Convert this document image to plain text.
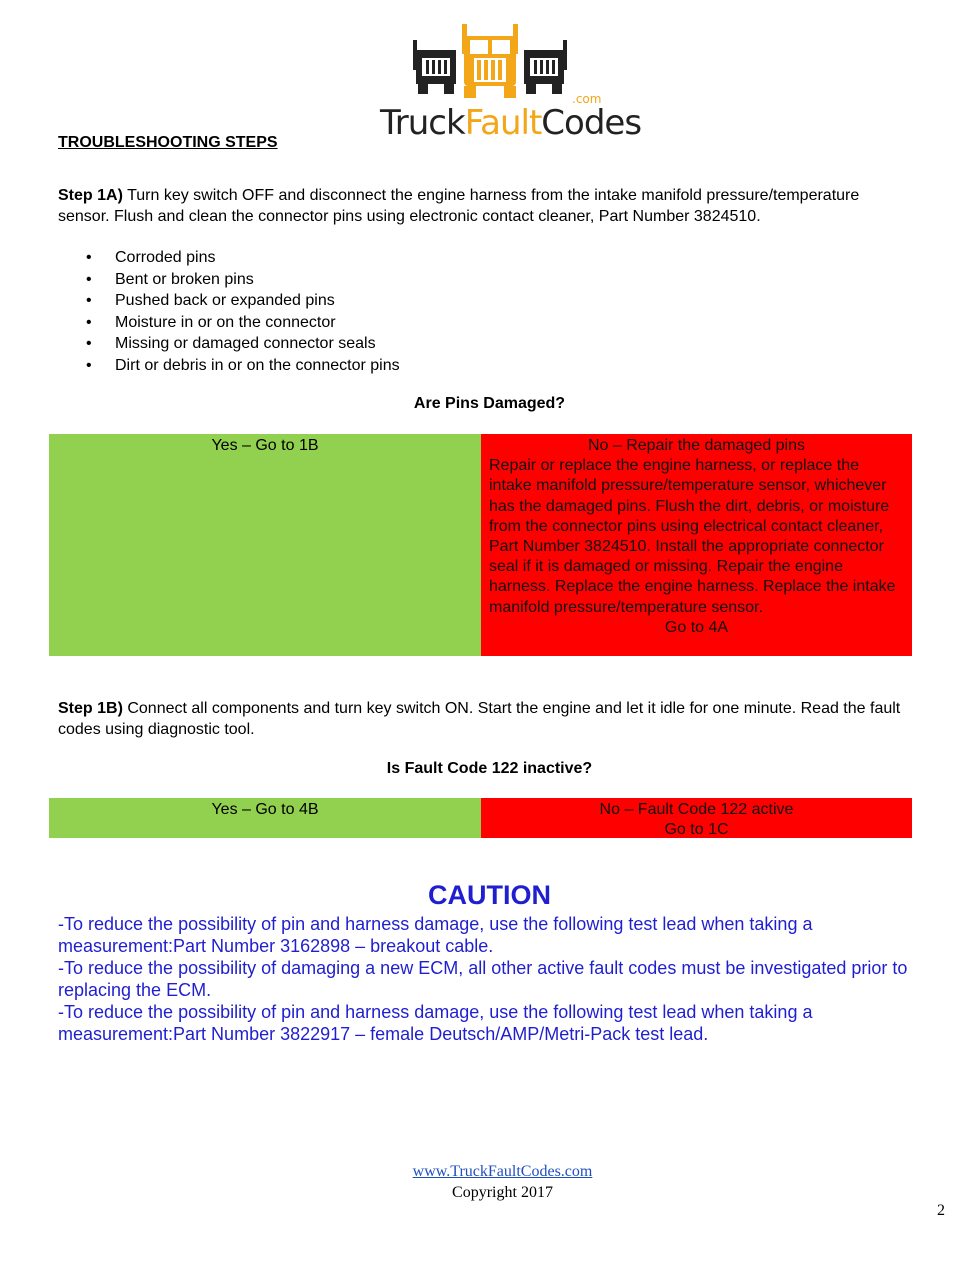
.com
TruckFaultCodes
TROUBLESHOOTING STEPS
Step 1A) Turn key switch OFF and disconnect the engine harness from the intake manifold pressure/temperature sensor. Flush and clean the connector pins using electronic contact cleaner, Part Number 3824510.
• Corroded pins
• Bent or broken pins
• Pushed back or expanded pins
• Moisture in or on the connector
• Missing or damaged connector seals
• Dirt or debris in or on the connector pins
Are Pins Damaged?
Yes – Go to 1B	No – Repair the damaged pins
Repair or replace the engine harness, or replace the intake manifold pressure/temperature sensor, whichever has the damaged pins. Flush the dirt, debris, or moisture from the connector pins using electrical contact cleaner, Part Number 3824510. Install the appropriate connector seal if it is damaged or missing. Repair the engine harness. Replace the engine harness. Replace the intake manifold pressure/temperature sensor.
Go to 4A
Step 1B) Connect all components and turn key switch ON. Start the engine and let it idle for one minute. Read the fault codes using diagnostic tool.
Is Fault Code 122 inactive?
Yes – Go to 4B	No – Fault Code 122 active
Go to 1C
CAUTION

-To reduce the possibility of pin and harness damage, use the following test lead when taking a measurement:Part Number 3162898 – breakout cable.

-To reduce the possibility of damaging a new ECM, all other active fault codes must be investigated prior to replacing the ECM.

-To reduce the possibility of pin and harness damage, use the following test lead when taking a measurement:Part Number 3822917 – female Deutsch/AMP/Metri-Pack test lead.

www.TruckFaultCodes.com
Copyright 2017
2
